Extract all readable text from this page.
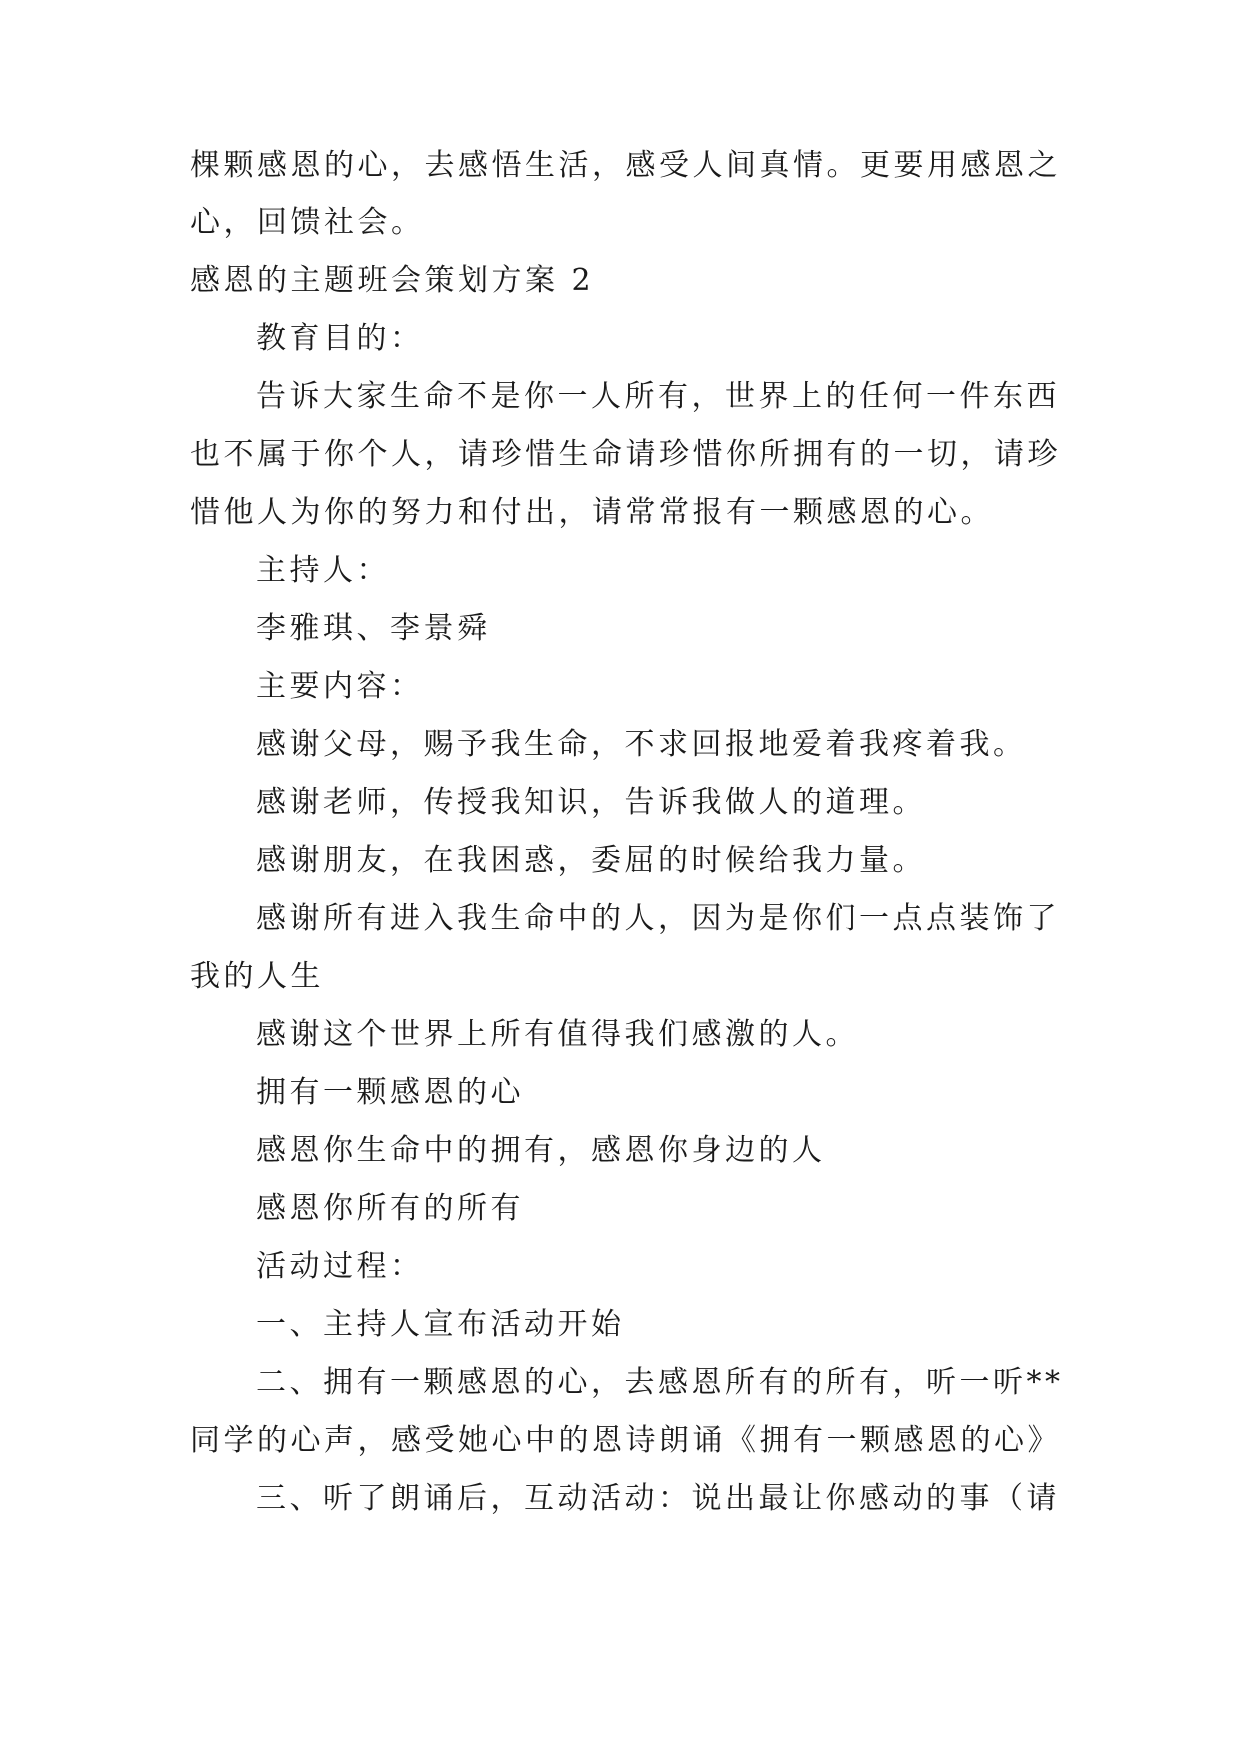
棵颗感恩的心，去感悟生活，感受人间真情。更要用感恩之
心，回馈社会。
感恩的主题班会策划方案 2
教育目的：
告诉大家生命不是你一人所有，世界上的任何一件东西
也不属于你个人，请珍惜生命请珍惜你所拥有的一切，请珍
惜他人为你的努力和付出，请常常报有一颗感恩的心。
主持人：
李雅琪、李景舜
主要内容：
感谢父母，赐予我生命，不求回报地爱着我疼着我。
感谢老师，传授我知识，告诉我做人的道理。
感谢朋友，在我困惑，委屈的时候给我力量。
感谢所有进入我生命中的人，因为是你们一点点装饰了
我的人生
感谢这个世界上所有值得我们感激的人。
拥有一颗感恩的心
感恩你生命中的拥有，感恩你身边的人
感恩你所有的所有
活动过程：
一、主持人宣布活动开始
二、拥有一颗感恩的心，去感恩所有的所有，听一听**
同学的心声，感受她心中的恩诗朗诵《拥有一颗感恩的心》
三、听了朗诵后，互动活动：说出最让你感动的事（请
